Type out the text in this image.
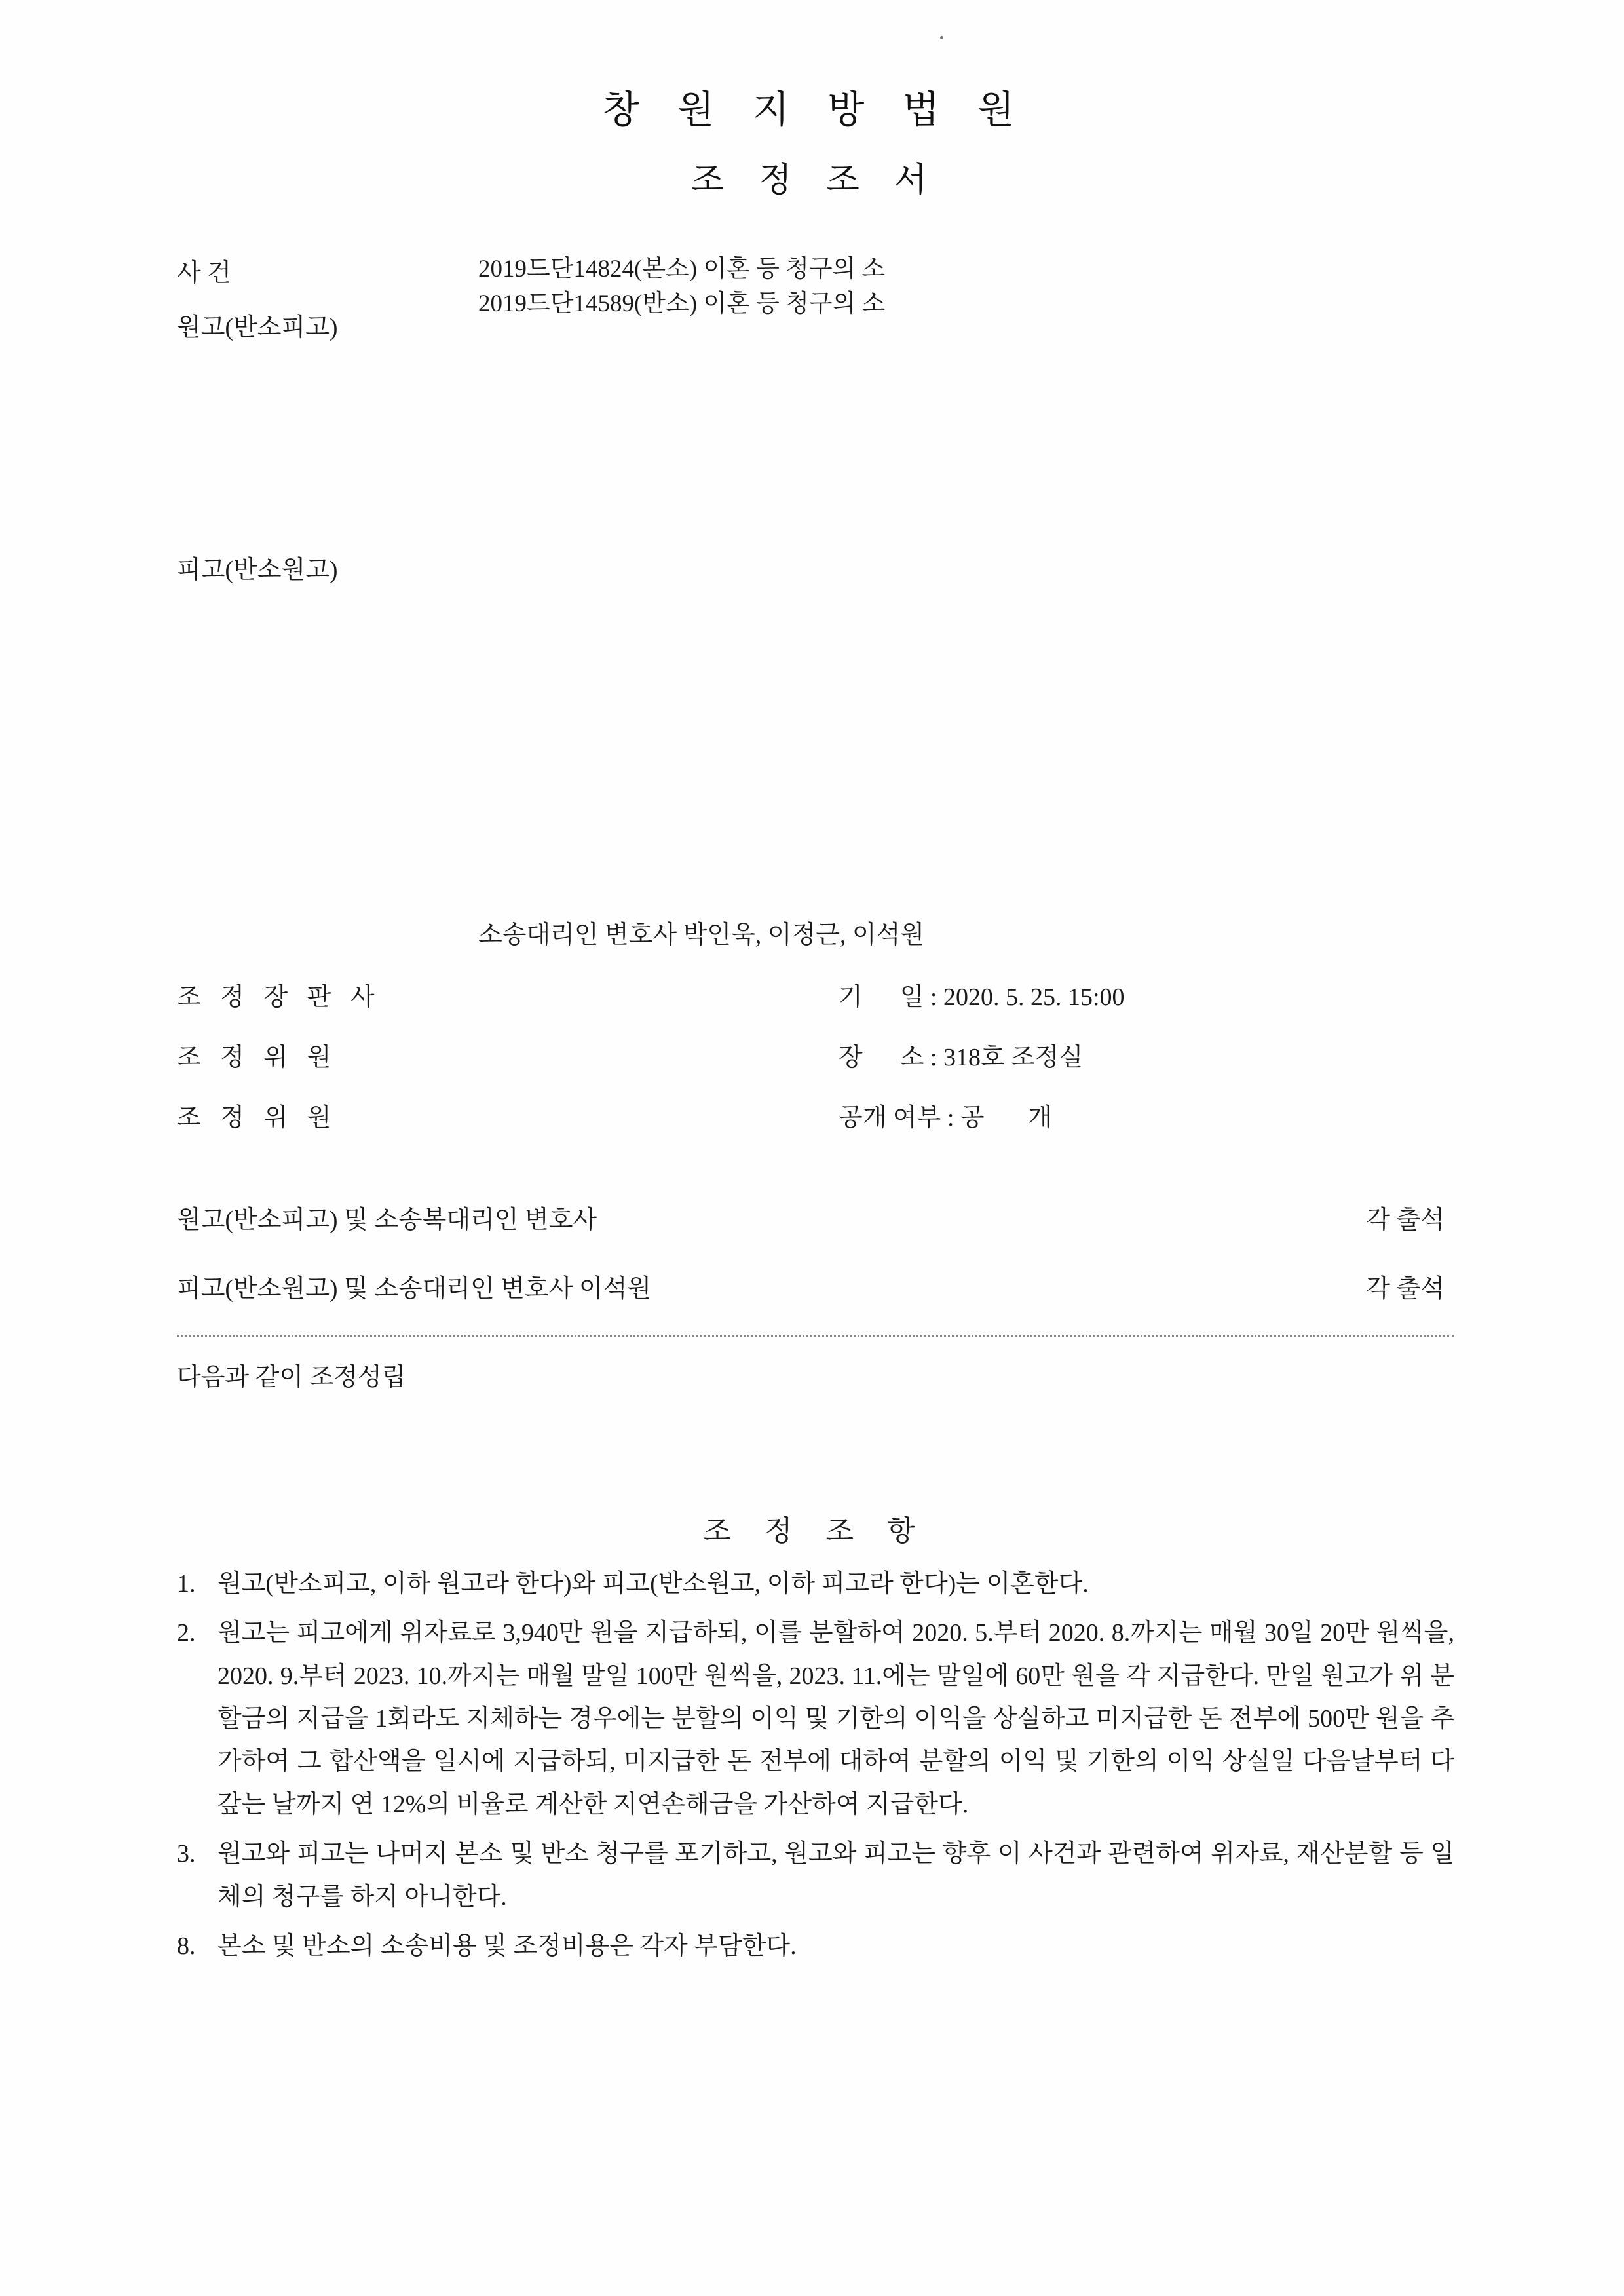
창 원 지 방 법 원
조 정 조 서
사 건	2019드단14824(본소) 이혼 등 청구의 소
2019드단14589(반소) 이혼 등 청구의 소
원고(반소피고)
피고(반소원고)
소송대리인 변호사 박인욱, 이정근, 이석원
조 정 장 판 사	기      일 : 2020. 5. 25. 15:00
조 정 위 원	장      소 : 318호 조정실
조 정 위 원	공개 여부 : 공       개
원고(반소피고) 및 소송복대리인 변호사	각 출석
피고(반소원고) 및 소송대리인 변호사 이석원	각 출석
다음과 같이 조정성립
조 정 조 항
1. 원고(반소피고, 이하 원고라 한다)와 피고(반소원고, 이하 피고라 한다)는 이혼한다.
2. 원고는 피고에게 위자료로 3,940만 원을 지급하되, 이를 분할하여 2020. 5.부터 2020. 8.까지는 매월 30일 20만 원씩을, 2020. 9.부터 2023. 10.까지는 매월 말일 100만 원씩을, 2023. 11.에는 말일에 60만 원을 각 지급한다. 만일 원고가 위 분할금의 지급을 1회라도 지체하는 경우에는 분할의 이익 및 기한의 이익을 상실하고 미지급한 돈 전부에 500만 원을 추가하여 그 합산액을 일시에 지급하되, 미지급한 돈 전부에 대하여 분할의 이익 및 기한의 이익 상실일 다음날부터 다 갚는 날까지 연 12%의 비율로 계산한 지연손해금을 가산하여 지급한다.
3. 원고와 피고는 나머지 본소 및 반소 청구를 포기하고, 원고와 피고는 향후 이 사건과 관련하여 위자료, 재산분할 등 일체의 청구를 하지 아니한다.
8. 본소 및 반소의 소송비용 및 조정비용은 각자 부담한다.
